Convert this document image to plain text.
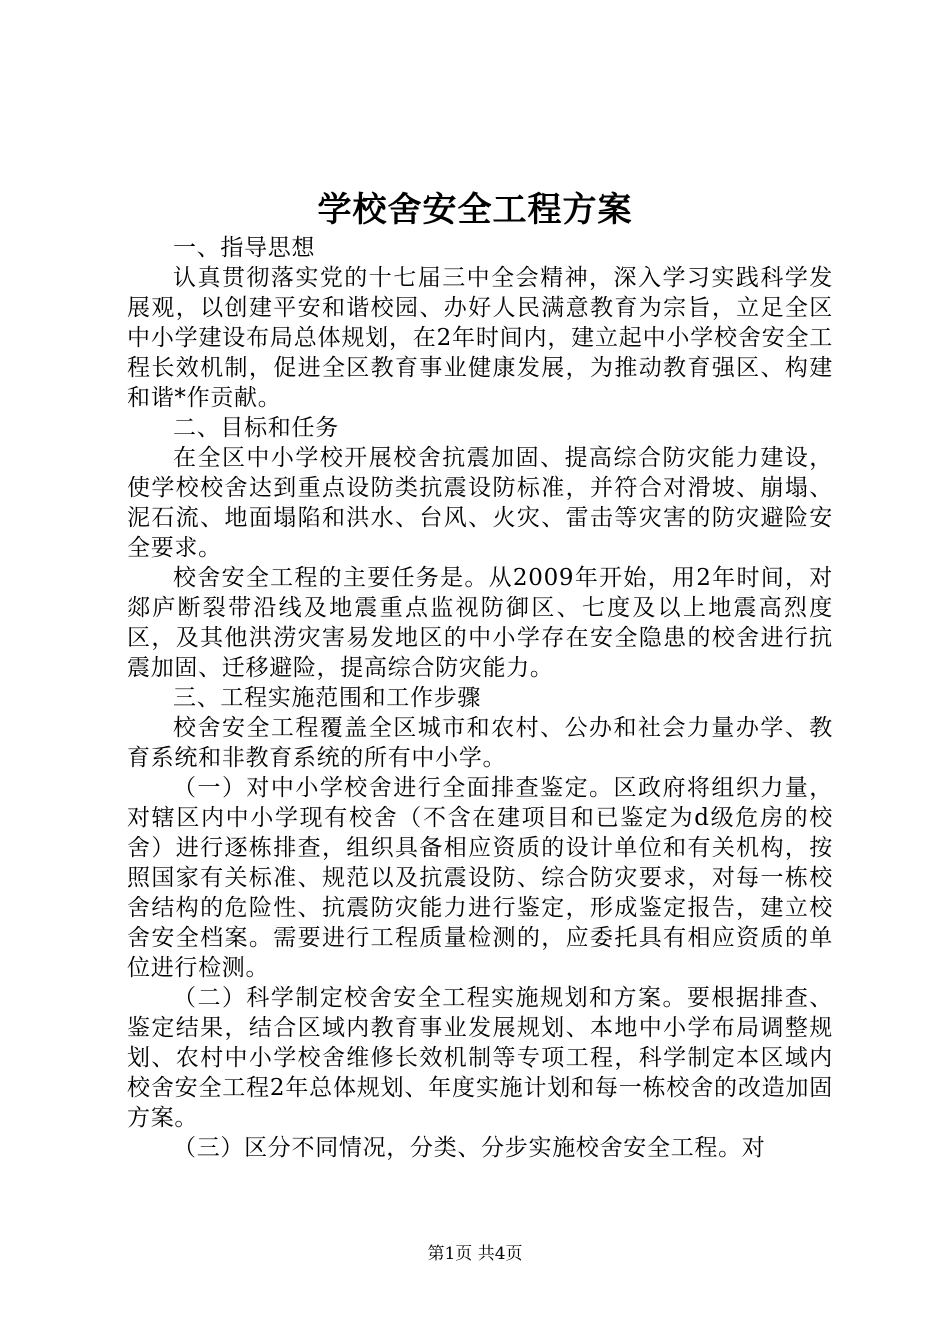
学校舍安全工程方案

一、指导思想

认真贯彻落实党的十七届三中全会精神，深入学习实践科学发展观，以创建平安和谐校园、办好人民满意教育为宗旨，立足全区中小学建设布局总体规划，在2年时间内，建立起中小学校舍安全工程长效机制，促进全区教育事业健康发展，为推动教育强区、构建和谐*作贡献。

二、目标和任务

在全区中小学校开展校舍抗震加固、提高综合防灾能力建设，使学校校舍达到重点设防类抗震设防标准，并符合对滑坡、崩塌、泥石流、地面塌陷和洪水、台风、火灾、雷击等灾害的防灾避险安全要求。

校舍安全工程的主要任务是。从2009年开始，用2年时间，对郯庐断裂带沿线及地震重点监视防御区、七度及以上地震高烈度区，及其他洪涝灾害易发地区的中小学存在安全隐患的校舍进行抗震加固、迁移避险，提高综合防灾能力。

三、工程实施范围和工作步骤

校舍安全工程覆盖全区城市和农村、公办和社会力量办学、教育系统和非教育系统的所有中小学。

（一）对中小学校舍进行全面排查鉴定。区政府将组织力量，对辖区内中小学现有校舍（不含在建项目和已鉴定为d级危房的校舍）进行逐栋排查，组织具备相应资质的设计单位和有关机构，按照国家有关标准、规范以及抗震设防、综合防灾要求，对每一栋校舍结构的危险性、抗震防灾能力进行鉴定，形成鉴定报告，建立校舍安全档案。需要进行工程质量检测的，应委托具有相应资质的单位进行检测。

（二）科学制定校舍安全工程实施规划和方案。要根据排查、鉴定结果，结合区域内教育事业发展规划、本地中小学布局调整规划、农村中小学校舍维修长效机制等专项工程，科学制定本区域内校舍安全工程2年总体规划、年度实施计划和每一栋校舍的改造加固方案。

（三）区分不同情况，分类、分步实施校舍安全工程。对

第1页 共4页
